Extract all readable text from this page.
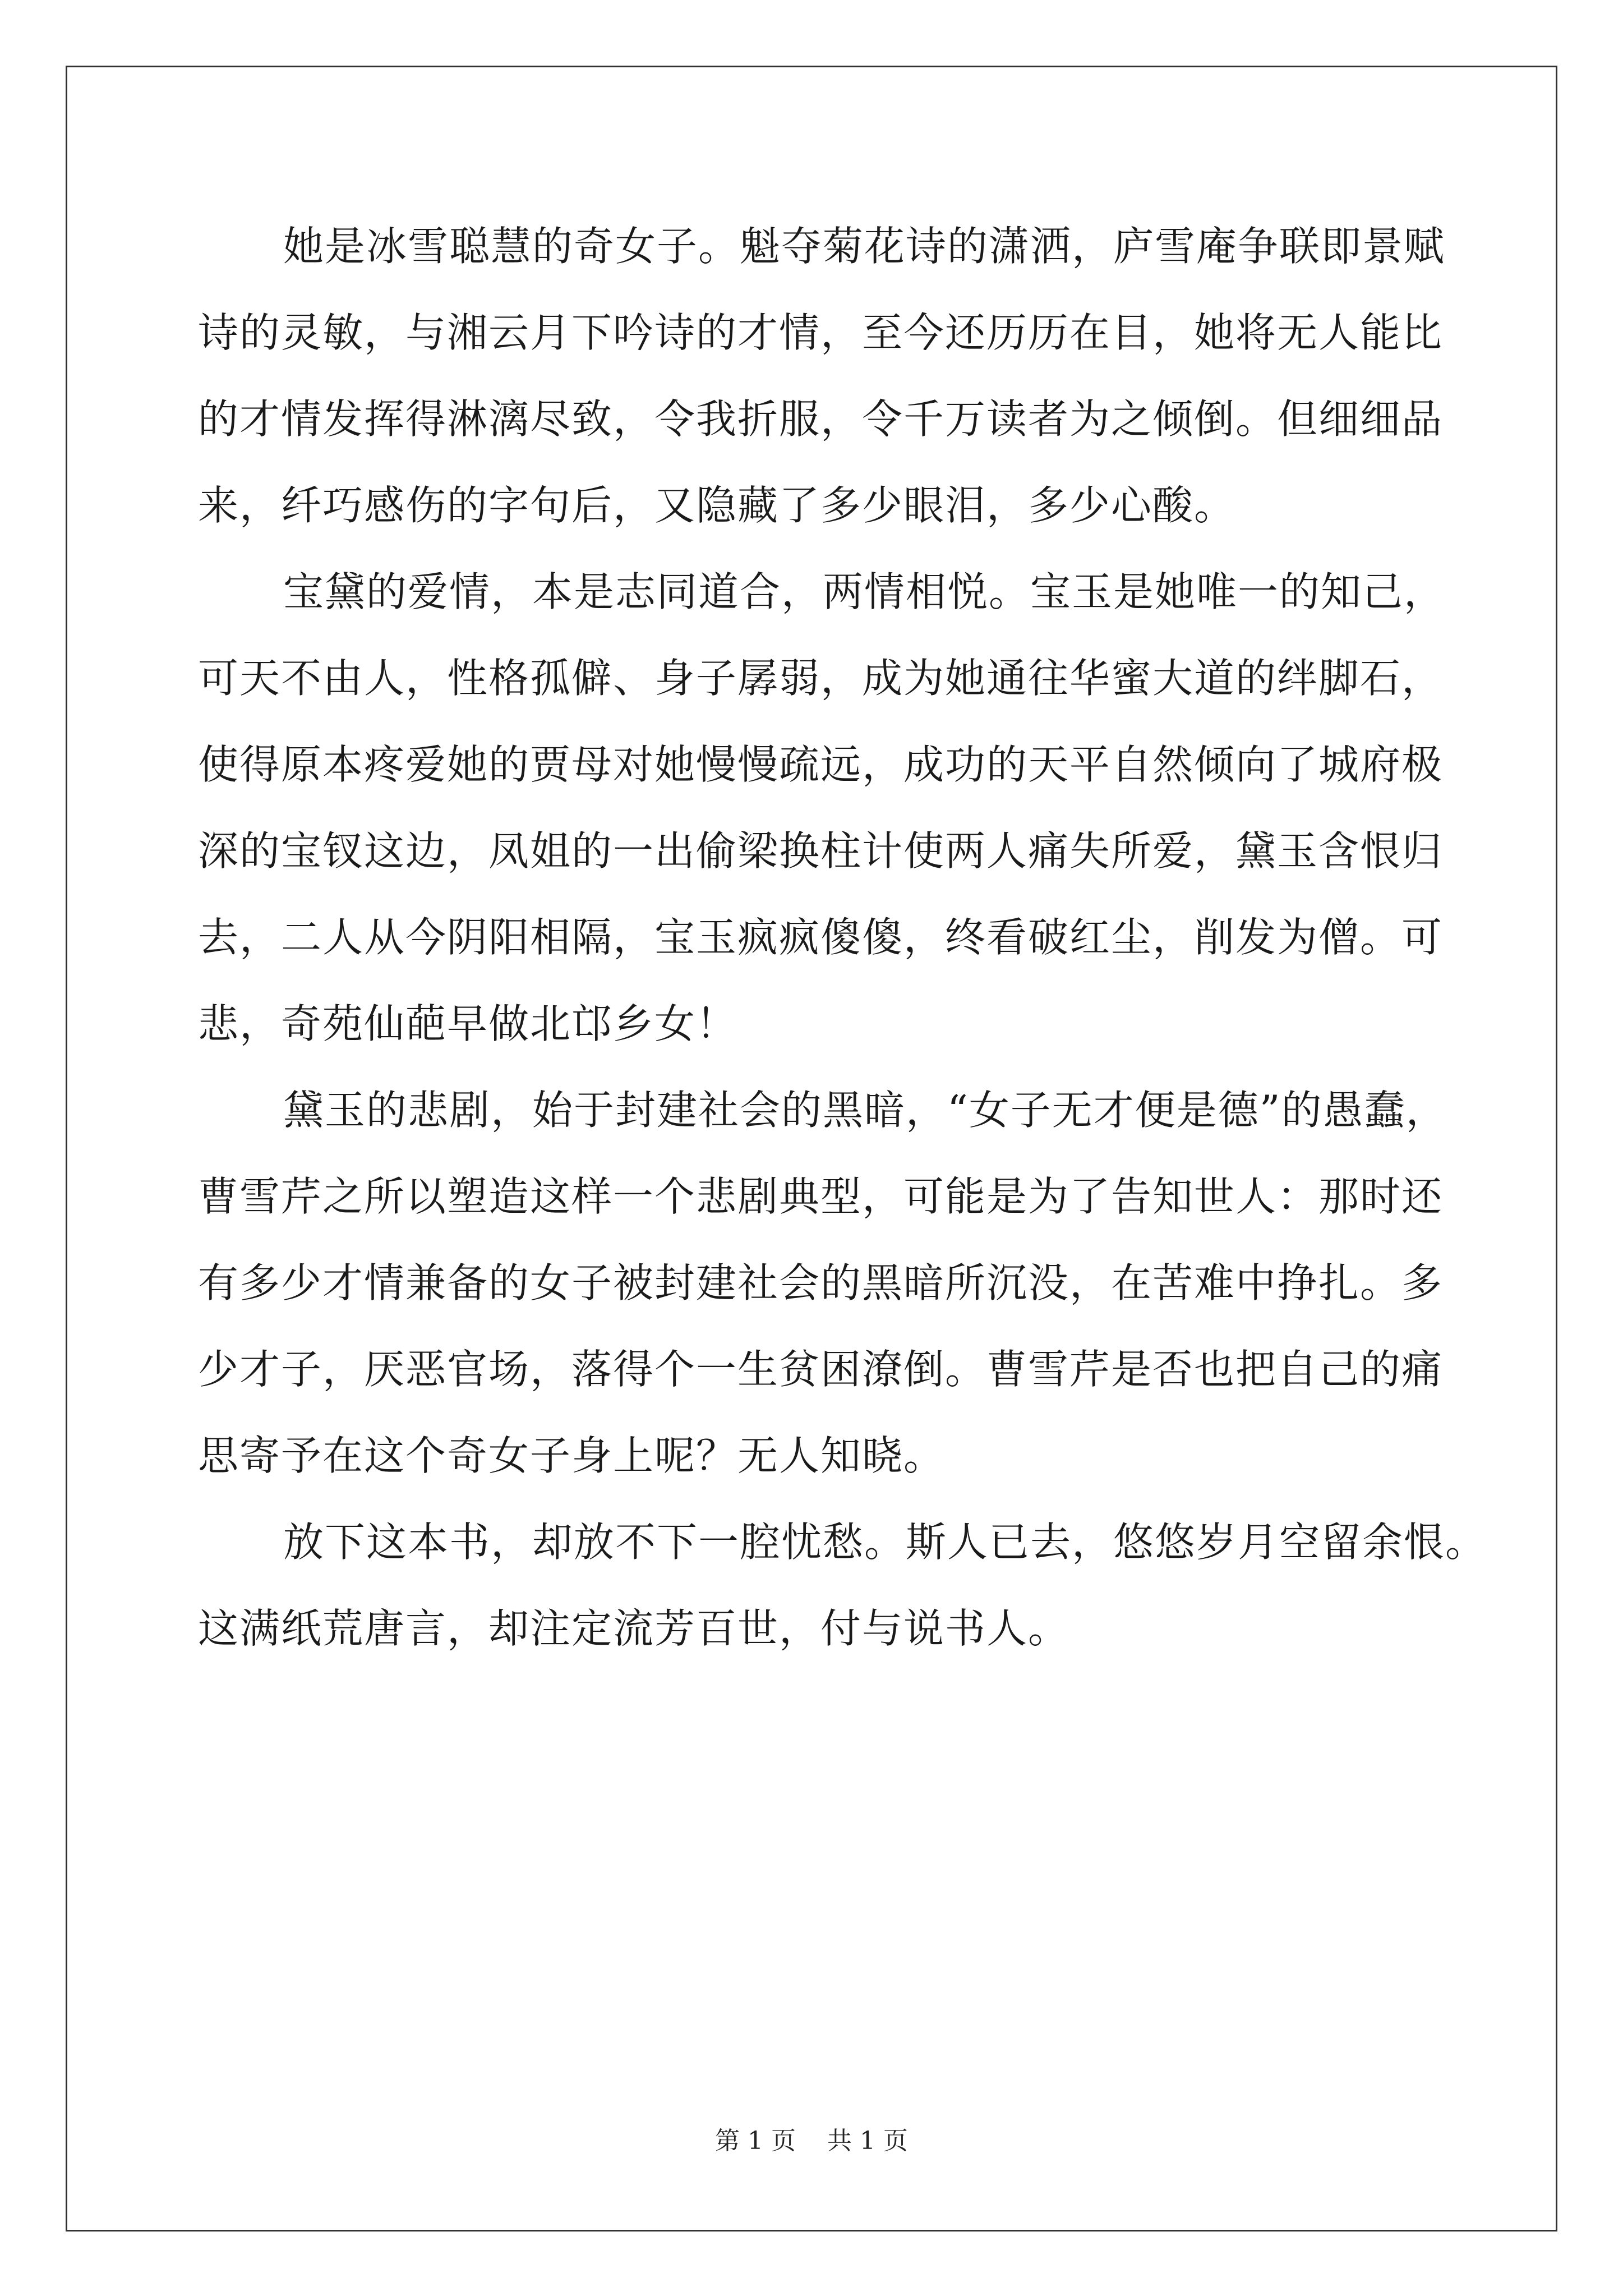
她是冰雪聪慧的奇女子。魁夺菊花诗的潇洒，庐雪庵争联即景赋
诗的灵敏，与湘云月下吟诗的才情，至今还历历在目，她将无人能比
的才情发挥得淋漓尽致，令我折服，令千万读者为之倾倒。但细细品
来，纤巧感伤的字句后，又隐藏了多少眼泪，多少心酸。
宝黛的爱情，本是志同道合，两情相悦。宝玉是她唯一的知己，
可天不由人，性格孤僻、身子孱弱，成为她通往华蜜大道的绊脚石，
使得原本疼爱她的贾母对她慢慢疏远，成功的天平自然倾向了城府极
深的宝钗这边，凤姐的一出偷梁换柱计使两人痛失所爱，黛玉含恨归
去，二人从今阴阳相隔，宝玉疯疯傻傻，终看破红尘，削发为僧。可
悲，奇苑仙葩早做北邙乡女！
黛玉的悲剧，始于封建社会的黑暗，“女子无才便是德”的愚蠢，
曹雪芹之所以塑造这样一个悲剧典型，可能是为了告知世人：那时还
有多少才情兼备的女子被封建社会的黑暗所沉没，在苦难中挣扎。多
少才子，厌恶官场，落得个一生贫困潦倒。曹雪芹是否也把自己的痛
思寄予在这个奇女子身上呢？无人知晓。
放下这本书，却放不下一腔忧愁。斯人已去，悠悠岁月空留余恨。
这满纸荒唐言，却注定流芳百世，付与说书人。
第 1 页 共 1 页
